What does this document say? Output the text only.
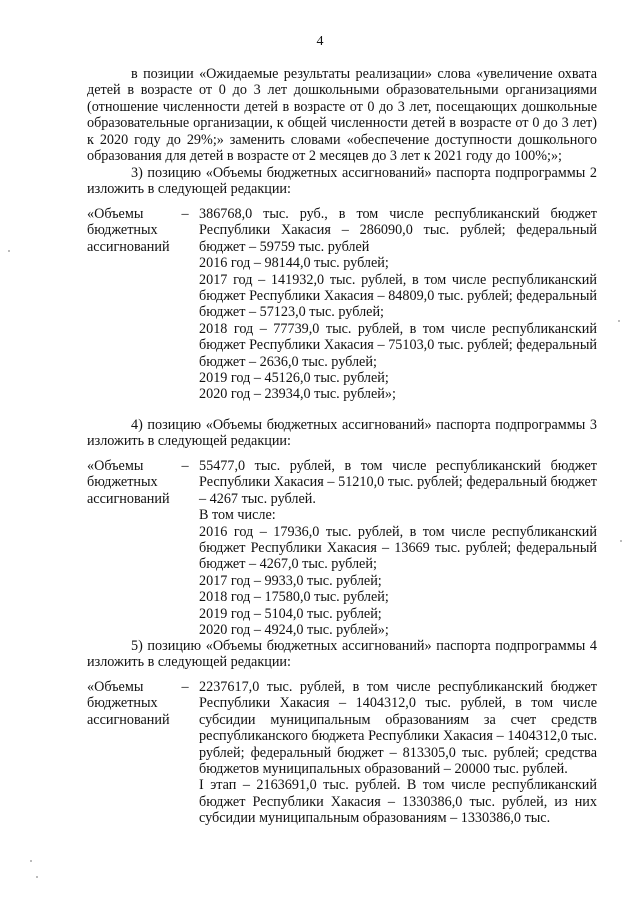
4
в позиции «Ожидаемые результаты реализации» слова «увеличение охвата детей в возрасте от 0 до 3 лет дошкольными образовательными организациями (отношение численности детей в возрасте от 0 до 3 лет, посещающих дошкольные образовательные организации, к общей численности детей в возрасте от 0 до 3 лет) к 2020 году до 29%;» заменить словами «обеспечение доступности дошкольного образования для детей в возрасте от 2 месяцев до 3 лет к 2021 году до 100%;»;
3) позицию «Объемы бюджетных ассигнований» паспорта подпрограммы 2 изложить в следующей редакции:
«Объемы
бюджетных
ассигнований
– 386768,0 тыс. руб., в том числе республиканский бюджет Республики Хакасия – 286090,0 тыс. рублей; федеральный бюджет – 59759 тыс. рублей
2016 год – 98144,0 тыс. рублей;
2017 год – 141932,0 тыс. рублей, в том числе республиканский бюджет Республики Хакасия – 84809,0 тыс. рублей; федеральный бюджет – 57123,0 тыс. рублей;
2018 год – 77739,0 тыс. рублей, в том числе республиканский бюджет Республики Хакасия – 75103,0 тыс. рублей; федеральный бюджет – 2636,0 тыс. рублей;
2019 год – 45126,0 тыс. рублей;
2020 год – 23934,0 тыс. рублей»;
4) позицию «Объемы бюджетных ассигнований» паспорта подпрограммы 3 изложить в следующей редакции:
«Объемы
бюджетных
ассигнований
– 55477,0 тыс. рублей, в том числе республиканский бюджет Республики Хакасия – 51210,0 тыс. рублей; федеральный бюджет – 4267 тыс. рублей.
В том числе:
2016 год – 17936,0 тыс. рублей, в том числе республиканский бюджет Республики Хакасия – 13669 тыс. рублей; федеральный бюджет – 4267,0 тыс. рублей;
2017 год – 9933,0 тыс. рублей;
2018 год – 17580,0 тыс. рублей;
2019 год – 5104,0 тыс. рублей;
2020 год – 4924,0 тыс. рублей»;
5) позицию «Объемы бюджетных ассигнований» паспорта подпрограммы 4 изложить в следующей редакции:
«Объемы
бюджетных
ассигнований
– 2237617,0 тыс. рублей, в том числе республиканский бюджет Республики Хакасия – 1404312,0 тыс. рублей, в том числе субсидии муниципальным образованиям за счет средств республиканского бюджета Республики Хакасия – 1404312,0 тыс. рублей; федеральный бюджет – 813305,0 тыс. рублей; средства бюджетов муниципальных образований – 20000 тыс. рублей.
I этап – 2163691,0 тыс. рублей. В том числе республиканский бюджет Республики Хакасия – 1330386,0 тыс. рублей, из них субсидии муниципальным образованиям – 1330386,0 тыс.
